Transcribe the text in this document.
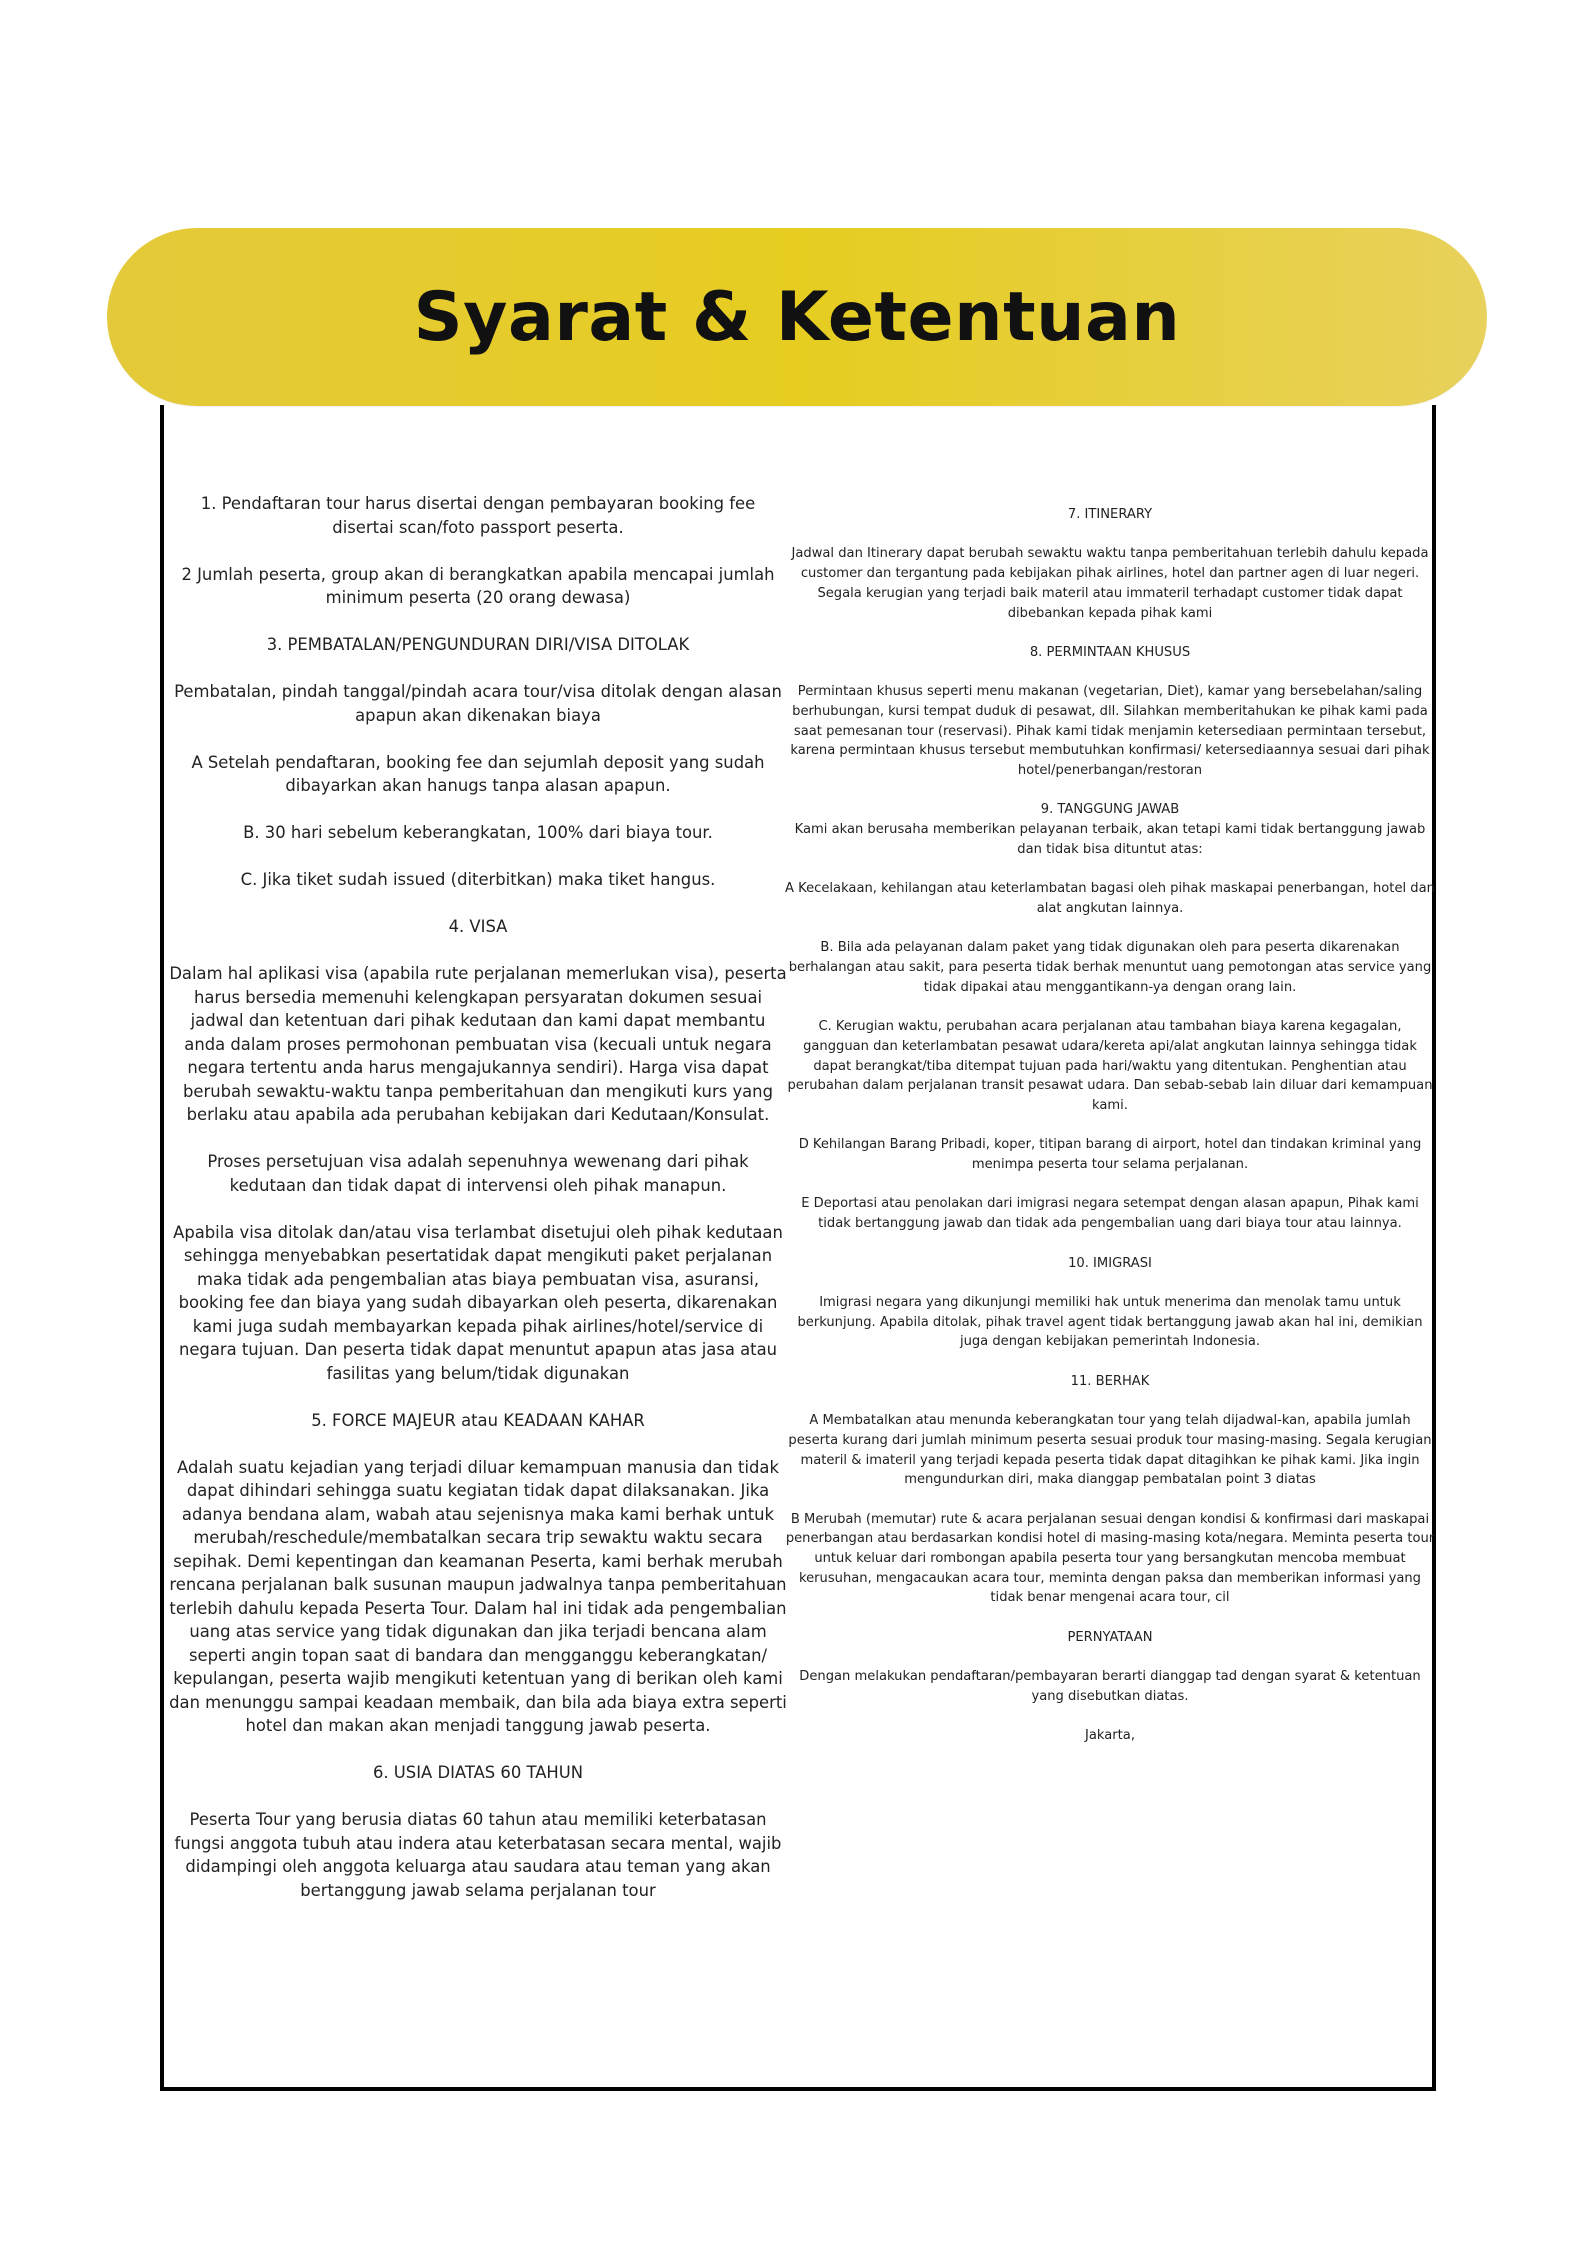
Syarat & Ketentuan

1. Pendaftaran tour harus disertai dengan pembayaran booking fee disertai scan/foto passport peserta.

2 Jumlah peserta, group akan di berangkatkan apabila mencapai jumlah minimum peserta (20 orang dewasa)

3. PEMBATALAN/PENGUNDURAN DIRI/VISA DITOLAK

Pembatalan, pindah tanggal/pindah acara tour/visa ditolak dengan alasan apapun akan dikenakan biaya

A Setelah pendaftaran, booking fee dan sejumlah deposit yang sudah dibayarkan akan hanugs tanpa alasan apapun.

B. 30 hari sebelum keberangkatan, 100% dari biaya tour.

C. Jika tiket sudah issued (diterbitkan) maka tiket hangus.

4. VISA

Dalam hal aplikasi visa (apabila rute perjalanan memerlukan visa), peserta harus bersedia memenuhi kelengkapan persyaratan dokumen sesuai jadwal dan ketentuan dari pihak kedutaan dan kami dapat membantu anda dalam proses permohonan pembuatan visa (kecuali untuk negara negara tertentu anda harus mengajukannya sendiri). Harga visa dapat berubah sewaktu-waktu tanpa pemberitahuan dan mengikuti kurs yang berlaku atau apabila ada perubahan kebijakan dari Kedutaan/Konsulat.

Proses persetujuan visa adalah sepenuhnya wewenang dari pihak kedutaan dan tidak dapat di intervensi oleh pihak manapun.

Apabila visa ditolak dan/atau visa terlambat disetujui oleh pihak kedutaan sehingga menyebabkan pesertatidak dapat mengikuti paket perjalanan maka tidak ada pengembalian atas biaya pembuatan visa, asuransi, booking fee dan biaya yang sudah dibayarkan oleh peserta, dikarenakan kami juga sudah membayarkan kepada pihak airlines/hotel/service di negara tujuan. Dan peserta tidak dapat menuntut apapun atas jasa atau fasilitas yang belum/tidak digunakan

5. FORCE MAJEUR atau KEADAAN KAHAR

Adalah suatu kejadian yang terjadi diluar kemampuan manusia dan tidak dapat dihindari sehingga suatu kegiatan tidak dapat dilaksanakan. Jika adanya bendana alam, wabah atau sejenisnya maka kami berhak untuk merubah/reschedule/membatalkan secara trip sewaktu waktu secara sepihak. Demi kepentingan dan keamanan Peserta, kami berhak merubah rencana perjalanan balk susunan maupun jadwalnya tanpa pemberitahuan terlebih dahulu kepada Peserta Tour. Dalam hal ini tidak ada pengembalian uang atas service yang tidak digunakan dan jika terjadi bencana alam seperti angin topan saat di bandara dan mengganggu keberangkatan/ kepulangan, peserta wajib mengikuti ketentuan yang di berikan oleh kami dan menunggu sampai keadaan membaik, dan bila ada biaya extra seperti hotel dan makan akan menjadi tanggung jawab peserta.

6. USIA DIATAS 60 TAHUN

Peserta Tour yang berusia diatas 60 tahun atau memiliki keterbatasan fungsi anggota tubuh atau indera atau keterbatasan secara mental, wajib didampingi oleh anggota keluarga atau saudara atau teman yang akan bertanggung jawab selama perjalanan tour

7. ITINERARY

Jadwal dan Itinerary dapat berubah sewaktu waktu tanpa pemberitahuan terlebih dahulu kepada customer dan tergantung pada kebijakan pihak airlines, hotel dan partner agen di luar negeri. Segala kerugian yang terjadi baik materil atau immateril terhadapt customer tidak dapat dibebankan kepada pihak kami

8. PERMINTAAN KHUSUS

Permintaan khusus seperti menu makanan (vegetarian, Diet), kamar yang bersebelahan/saling berhubungan, kursi tempat duduk di pesawat, dll. Silahkan memberitahukan ke pihak kami pada saat pemesanan tour (reservasi). Pihak kami tidak menjamin ketersediaan permintaan tersebut, karena permintaan khusus tersebut membutuhkan konfirmasi/ ketersediaannya sesuai dari pihak hotel/penerbangan/restoran

9. TANGGUNG JAWAB

Kami akan berusaha memberikan pelayanan terbaik, akan tetapi kami tidak bertanggung jawab dan tidak bisa dituntut atas:

A Kecelakaan, kehilangan atau keterlambatan bagasi oleh pihak maskapai penerbangan, hotel dan alat angkutan lainnya.

B. Bila ada pelayanan dalam paket yang tidak digunakan oleh para peserta dikarenakan berhalangan atau sakit, para peserta tidak berhak menuntut uang pemotongan atas service yang tidak dipakai atau menggantikann-ya dengan orang lain.

C. Kerugian waktu, perubahan acara perjalanan atau tambahan biaya karena kegagalan, gangguan dan keterlambatan pesawat udara/kereta api/alat angkutan lainnya sehingga tidak dapat berangkat/tiba ditempat tujuan pada hari/waktu yang ditentukan. Penghentian atau perubahan dalam perjalanan transit pesawat udara. Dan sebab-sebab lain diluar dari kemampuan kami.

D Kehilangan Barang Pribadi, koper, titipan barang di airport, hotel dan tindakan kriminal yang menimpa peserta tour selama perjalanan.

E Deportasi atau penolakan dari imigrasi negara setempat dengan alasan apapun, Pihak kami tidak bertanggung jawab dan tidak ada pengembalian uang dari biaya tour atau lainnya.

10. IMIGRASI

Imigrasi negara yang dikunjungi memiliki hak untuk menerima dan menolak tamu untuk berkunjung. Apabila ditolak, pihak travel agent tidak bertanggung jawab akan hal ini, demikian juga dengan kebijakan pemerintah Indonesia.

11. BERHAK

A Membatalkan atau menunda keberangkatan tour yang telah dijadwal-kan, apabila jumlah peserta kurang dari jumlah minimum peserta sesuai produk tour masing-masing. Segala kerugian materil & imateril yang terjadi kepada peserta tidak dapat ditagihkan ke pihak kami. Jika ingin mengundurkan diri, maka dianggap pembatalan point 3 diatas

B Merubah (memutar) rute & acara perjalanan sesuai dengan kondisi & konfirmasi dari maskapai penerbangan atau berdasarkan kondisi hotel di masing-masing kota/negara. Meminta peserta tour untuk keluar dari rombongan apabila peserta tour yang bersangkutan mencoba membuat kerusuhan, mengacaukan acara tour, meminta dengan paksa dan memberikan informasi yang tidak benar mengenai acara tour, cil

PERNYATAAN

Dengan melakukan pendaftaran/pembayaran berarti dianggap tad dengan syarat & ketentuan yang disebutkan diatas.

Jakarta,
